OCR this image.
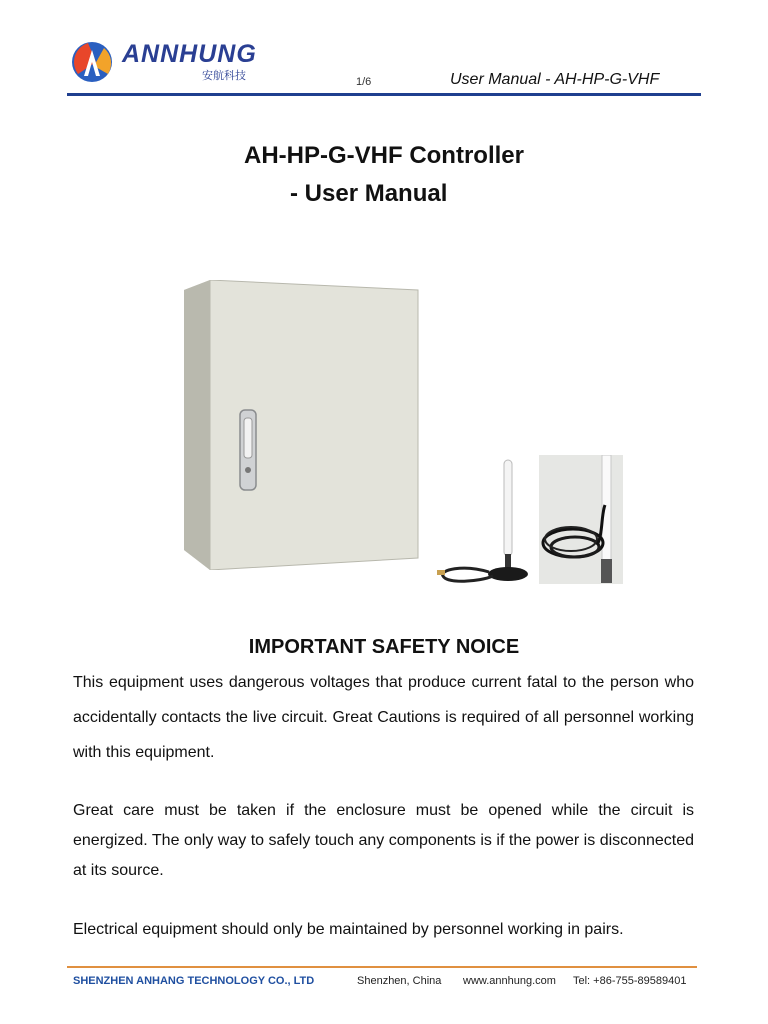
ANNHUNG
安航科技	1/6	User Manual - AH-HP-G-VHF
AH-HP-G-VHF Controller
- User Manual
IMPORTANT SAFETY NOICE
This equipment uses dangerous voltages that produce current fatal to the person who accidentally contacts the live circuit. Great Cautions is required of all personnel working with this equipment.
Great care must be taken if the enclosure must be opened while the circuit is energized. The only way to safely touch any components is if the power is disconnected at its source.
Electrical equipment should only be maintained by personnel working in pairs.
SHENZHEN ANHANG TECHNOLOGY CO., LTD	Shenzhen, China www.annhung.com Tel: +86-755-89589401
